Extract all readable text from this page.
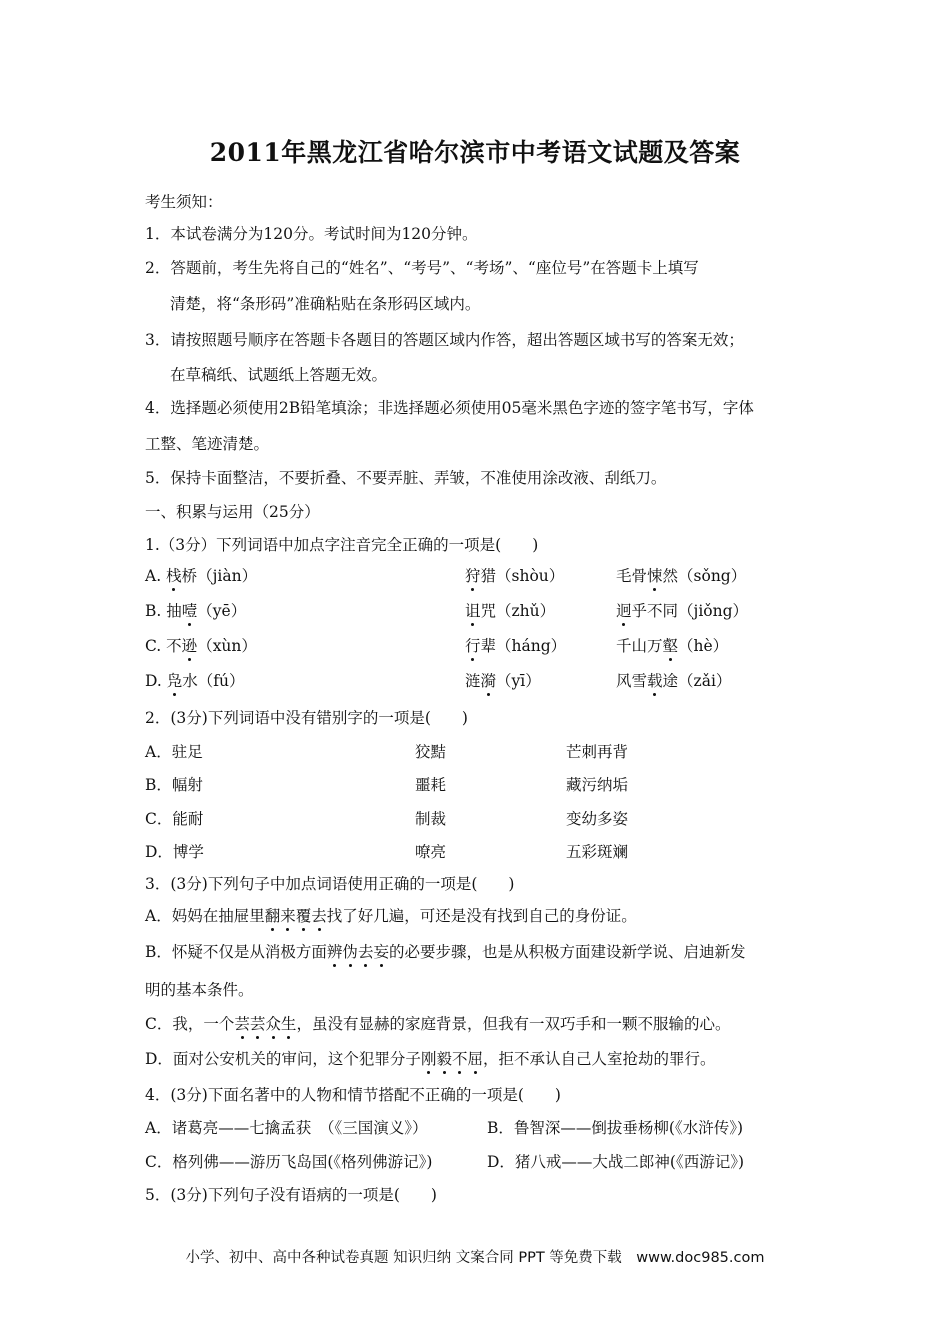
2011年黑龙江省哈尔滨市中考语文试题及答案
考生须知：
1．本试卷满分为120分。考试时间为120分钟。
2．答题前，考生先将自己的“姓名”、“考号”、“考场”、“座位号”在答题卡上填写
清楚，将“条形码”准确粘贴在条形码区域内。
3．请按照题号顺序在答题卡各题目的答题区域内作答，超出答题区域书写的答案无效；
在草稿纸、试题纸上答题无效。
4．选择题必须使用2B铅笔填涂；非选择题必须使用05毫米黑色字迹的签字笔书写，字体
工整、笔迹清楚。
5．保持卡面整洁，不要折叠、不要弄脏、弄皱，不准使用涂改液、刮纸刀。
一、积累与运用（25分）
1.（3分）下列词语中加点字注音完全正确的一项是(　　)
A. 栈桥（jiàn）	狩猎（shòu）	毛骨悚然（sǒng）
B. 抽噎（yē）	诅咒（zhǔ）	迥乎不同（jiǒng）
C. 不逊（xùn）	行辈（háng）	千山万壑（hè）
D. 凫水（fú）	涟漪（yī）	风雪载途（zǎi）
2．(3分)下列词语中没有错别字的一项是(　　)
A．驻足	狡黠	芒刺再背
B．幅射	噩耗	藏污纳垢
C．能耐	制裁	变幼多姿
D．博学	嘹亮	五彩斑斓
3．(3分)下列句子中加点词语使用正确的一项是(　　)
A．妈妈在抽屉里翻来覆去找了好几遍，可还是没有找到自己的身份证。
B．怀疑不仅是从消极方面辨伪去妄的必要步骤，也是从积极方面建设新学说、启迪新发
明的基本条件。
C．我，一个芸芸众生，虽没有显赫的家庭背景，但我有一双巧手和一颗不服输的心。
D．面对公安机关的审问，这个犯罪分子刚毅不屈，拒不承认自己人室抢劫的罪行。
4．(3分)下面名著中的人物和情节搭配不正确的一项是(　　)
A．诸葛亮——七擒孟获　（《三国演义》）	B．鲁智深——倒拔垂杨柳(《水浒传》)
C．格列佛——游历飞岛国(《格列佛游记》)	D．猪八戒——大战二郎神(《西游记》)
5．(3分)下列句子没有语病的一项是(　　)
小学、初中、高中各种试卷真题 知识归纳 文案合同 PPT 等免费下载　www.doc985.com
